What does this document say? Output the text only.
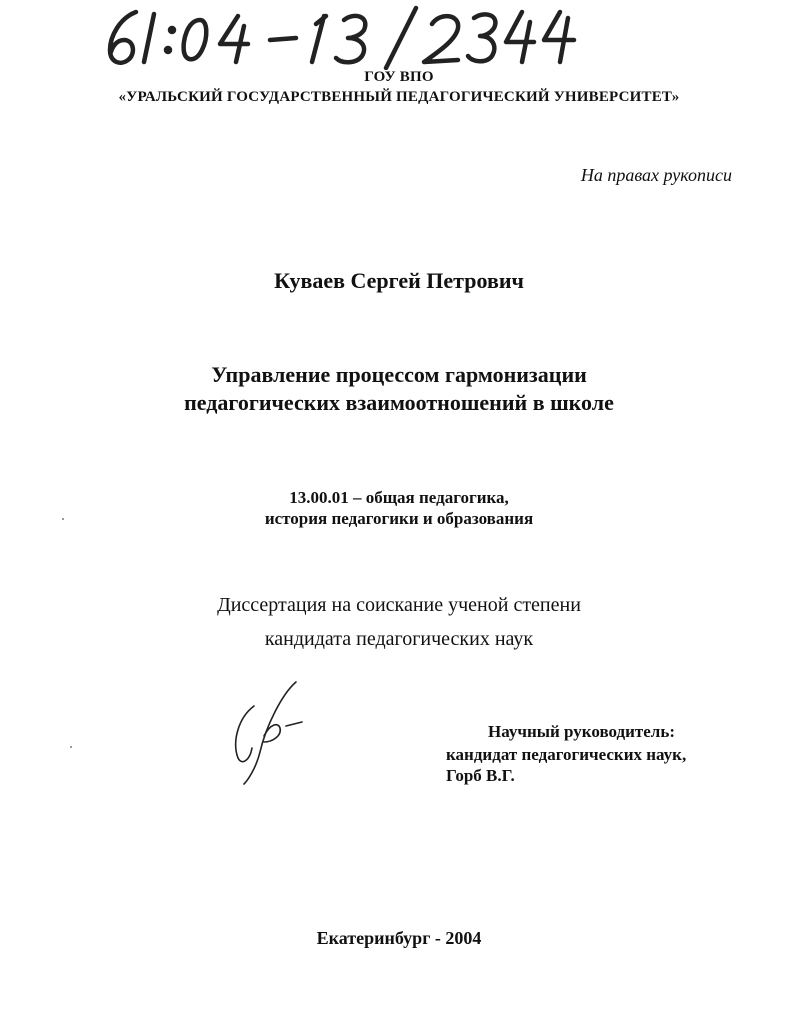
ГОУ ВПО
«УРАЛЬСКИЙ ГОСУДАРСТВЕННЫЙ ПЕДАГОГИЧЕСКИЙ УНИВЕРСИТЕТ»
На правах рукописи
Куваев Сергей Петрович
Управление процессом гармонизации
педагогических взаимоотношений в школе
13.00.01 – общая педагогика,
история педагогики и образования
Диссертация на соискание ученой степени
кандидата педагогических наук
Научный руководитель:
кандидат педагогических наук,
Горб В.Г.
Екатеринбург - 2004
